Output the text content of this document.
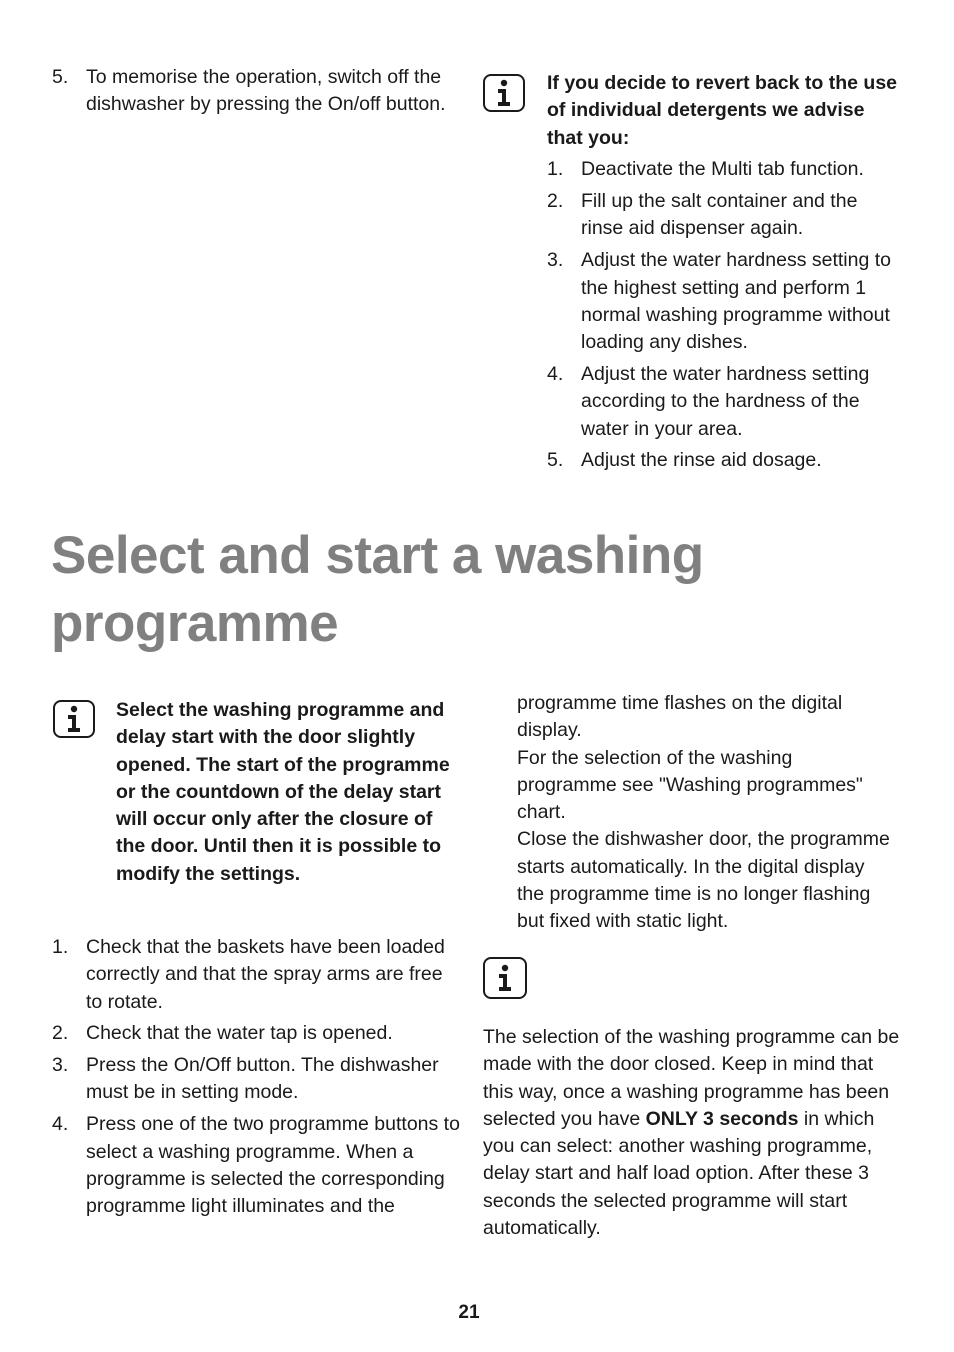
5. To memorise the operation, switch off the dishwasher by pressing the On/off button.
If you decide to revert back to the use of individual detergents we advise that you:
1. Deactivate the Multi tab function.
2. Fill up the salt container and the rinse aid dispenser again.
3. Adjust the water hardness setting to the highest setting and perform 1 normal washing programme without loading any dishes.
4. Adjust the water hardness setting according to the hardness of the water in your area.
5. Adjust the rinse aid dosage.
Select and start a washing programme
Select the washing programme and delay start with the door slightly opened. The start of the programme or the countdown of the delay start will occur only after the closure of the door. Until then it is possible to modify the settings.
1. Check that the baskets have been loaded correctly and that the spray arms are free to rotate.
2. Check that the water tap is opened.
3. Press the On/Off button. The dishwasher must be in setting mode.
4. Press one of the two programme buttons to select a washing programme. When a programme is selected the corresponding programme light illuminates and the

programme time flashes on the digital display.

For the selection of the washing programme see "Washing programmes" chart.

Close the dishwasher door, the programme starts automatically. In the digital display the programme time is no longer flashing but fixed with static light.

The selection of the washing programme can be made with the door closed. Keep in mind that this way, once a washing programme has been selected you have ONLY 3 seconds in which you can select: another washing programme, delay start and half load option. After these 3 seconds the selected programme will start automatically.
21
